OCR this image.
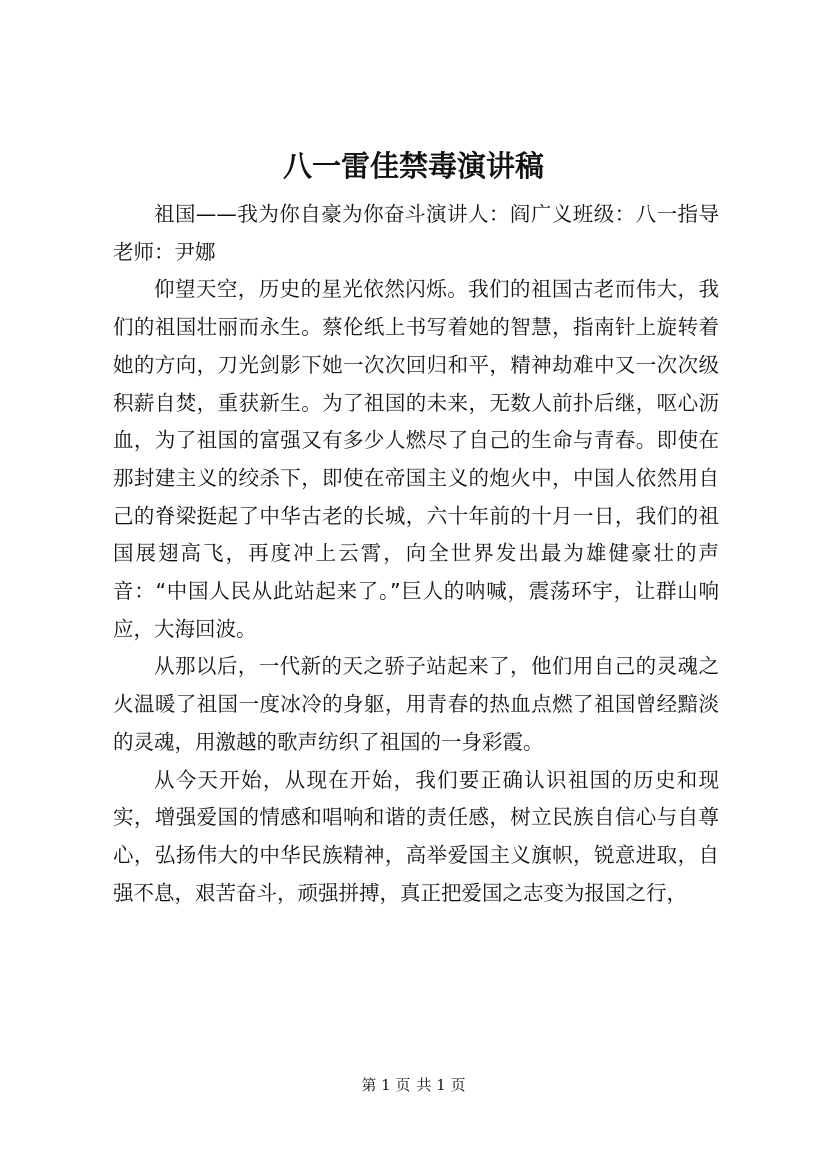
八一雷佳禁毒演讲稿

祖国——我为你自豪为你奋斗演讲人：阎广义班级：八一指导老师：尹娜

仰望天空，历史的星光依然闪烁。我们的祖国古老而伟大，我们的祖国壮丽而永生。蔡伦纸上书写着她的智慧，指南针上旋转着她的方向，刀光剑影下她一次次回归和平，精神劫难中又一次次级积薪自焚，重获新生。为了祖国的未来，无数人前扑后继，呕心沥血，为了祖国的富强又有多少人燃尽了自己的生命与青春。即使在那封建主义的绞杀下，即使在帝国主义的炮火中，中国人依然用自己的脊梁挺起了中华古老的长城，六十年前的十月一日，我们的祖国展翅高飞，再度冲上云霄，向全世界发出最为雄健豪壮的声音：“中国人民从此站起来了。”巨人的呐喊，震荡环宇，让群山响应，大海回波。

从那以后，一代新的天之骄子站起来了，他们用自己的灵魂之火温暖了祖国一度冰冷的身躯，用青春的热血点燃了祖国曾经黯淡的灵魂，用激越的歌声纺织了祖国的一身彩霞。

从今天开始，从现在开始，我们要正确认识祖国的历史和现实，增强爱国的情感和唱响和谐的责任感，树立民族自信心与自尊心，弘扬伟大的中华民族精神，高举爱国主义旗帜，锐意进取，自强不息，艰苦奋斗，顽强拼搏，真正把爱国之志变为报国之行，

第 1 页 共 1 页
